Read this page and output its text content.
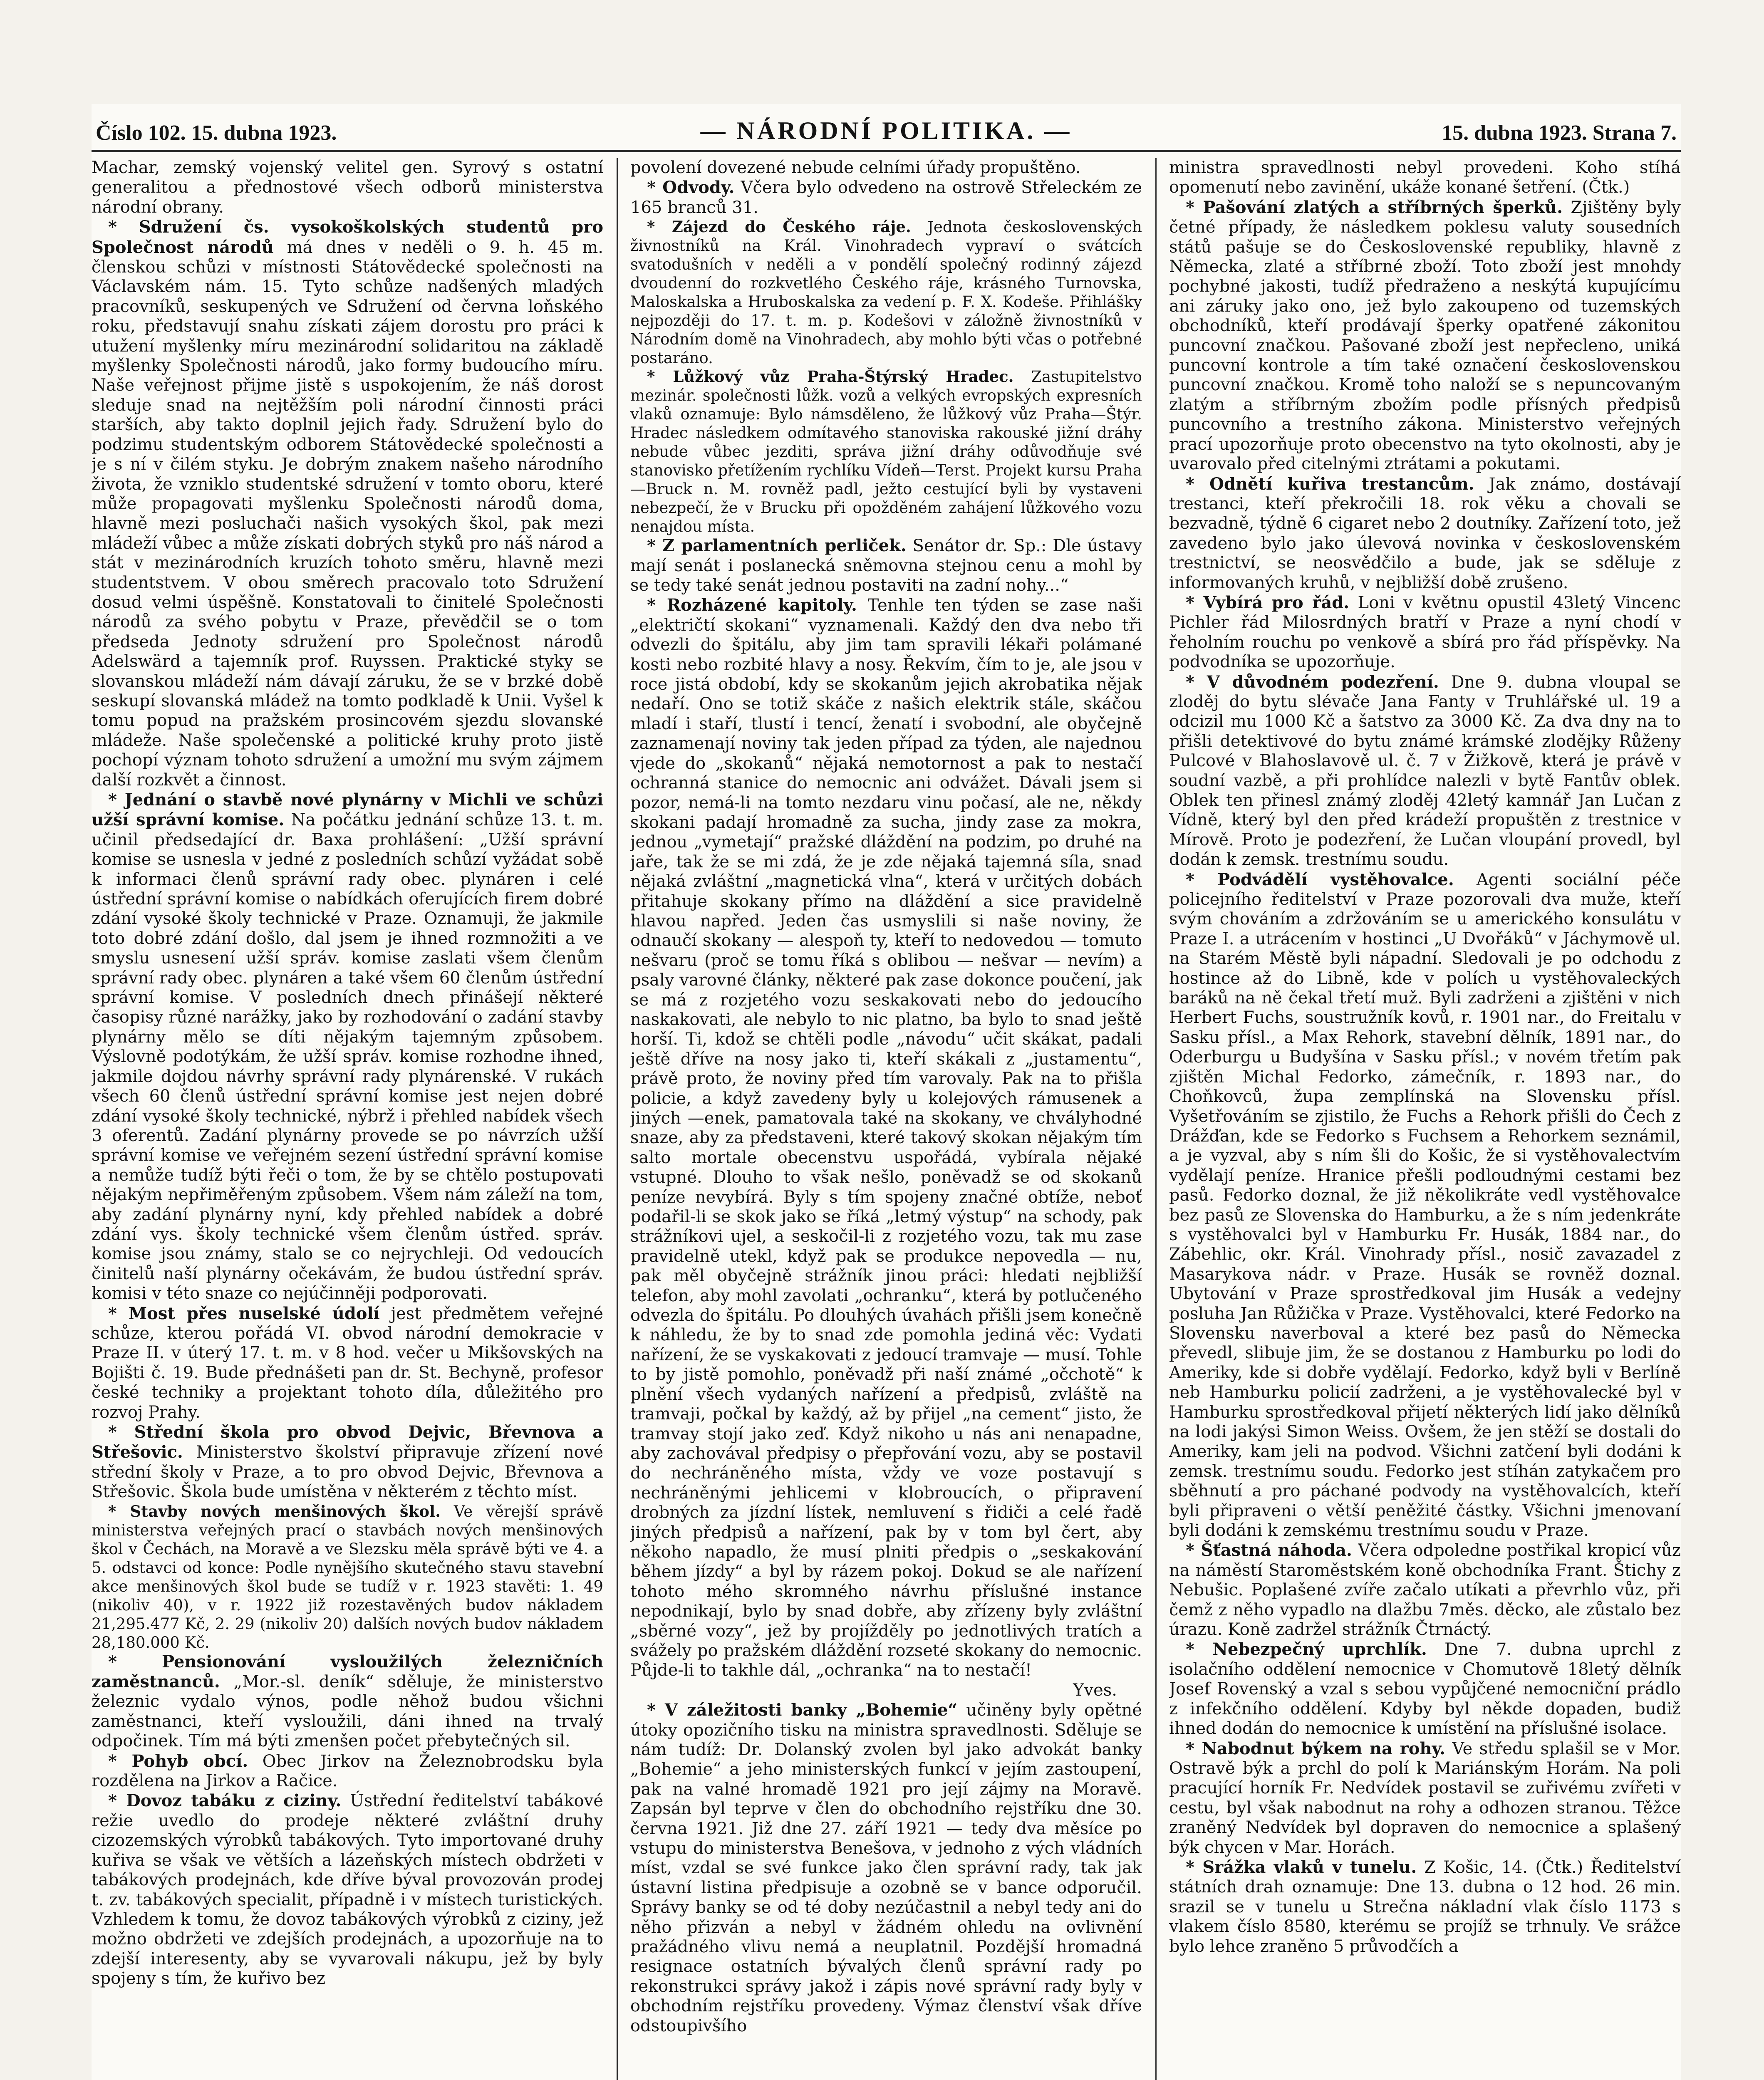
Číslo 102. 15. dubna 1923.	— NÁRODNÍ POLITIKA. —	15. dubna 1923. Strana 7.

Machar, zemský vojenský velitel gen. Syrový s ostatní generalitou a přednostové všech odborů ministerstva národní obrany.

* Sdružení čs. vysokoškolských studentů pro Společnost národů má dnes v neděli o 9. h. 45 m. členskou schůzi v místnosti Státovědecké společnosti na Václavském nám. 15. Tyto schůze nadšených mladých pracovníků, seskupených ve Sdružení od června loňského roku, představují snahu získati zájem dorostu pro práci k utužení myšlenky míru mezinárodní solidaritou na základě myšlenky Společnosti národů, jako formy budoucího míru. Naše veřejnost přijme jistě s uspokojením, že náš dorost sleduje snad na nejtěžším poli národní činnosti práci starších, aby takto doplnil jejich řady. Sdružení bylo do podzimu studentským odborem Státovědecké společnosti a je s ní v čilém styku. Je dobrým znakem našeho národního života, že vzniklo studentské sdružení v tomto oboru, které může propagovati myšlenku Společnosti národů doma, hlavně mezi posluchači našich vysokých škol, pak mezi mládeží vůbec a může získati dobrých styků pro náš národ a stát v mezinárodních kruzích tohoto směru, hlavně mezi studentstvem. V obou směrech pracovalo toto Sdružení dosud velmi úspěšně. Konstatovali to činitelé Společnosti národů za svého pobytu v Praze, převědčil se o tom předseda Jednoty sdružení pro Společnost národů Adelswärd a tajemník prof. Ruyssen. Praktické styky se slovanskou mládeží nám dávají záruku, že se v brzké době seskupí slovanská mládež na tomto podkladě k Unii. Vyšel k tomu popud na pražském prosincovém sjezdu slovanské mládeže. Naše společenské a politické kruhy proto jistě pochopí význam tohoto sdružení a umožní mu svým zájmem další rozkvět a činnost.

* Jednání o stavbě nové plynárny v Michli ve schůzi užší správní komise. Na počátku jednání schůze 13. t. m. učinil předsedající dr. Baxa prohlášení: „Užší správní komise se usnesla v jedné z posledních schůzí vyžádat sobě k informaci členů správní rady obec. plynáren i celé ústřední správní komise o nabídkách oferujících firem dobré zdání vysoké školy technické v Praze. Oznamuji, že jakmile toto dobré zdání došlo, dal jsem je ihned rozmnožiti a ve smyslu usnesení užší správ. komise zaslati všem členům správní rady obec. plynáren a také všem 60 členům ústřední správní komise. V posledních dnech přinášejí některé časopisy různé narážky, jako by rozhodování o zadání stavby plynárny mělo se díti nějakým tajemným způsobem. Výslovně podotýkám, že užší správ. komise rozhodne ihned, jakmile dojdou návrhy správní rady plynárenské. V rukách všech 60 členů ústřední správní komise jest nejen dobré zdání vysoké školy technické, nýbrž i přehled nabídek všech 3 oferentů. Zadání plynárny provede se po návrzích užší správní komise ve veřejném sezení ústřední správní komise a nemůže tudíž býti řeči o tom, že by se chtělo postupovati nějakým nepřiměřeným způsobem. Všem nám záleží na tom, aby zadání plynárny nyní, kdy přehled nabídek a dobré zdání vys. školy technické všem členům ústřed. správ. komise jsou známy, stalo se co nejrychleji. Od vedoucích činitelů naší plynárny očekávám, že budou ústřední správ. komisi v této snaze co nejúčinněji podporovati.

* Most přes nuselské údolí jest předmětem veřejné schůze, kterou pořádá VI. obvod národní demokracie v Praze II. v úterý 17. t. m. v 8 hod. večer u Mikšovských na Bojišti č. 19. Bude přednášeti pan dr. St. Bechyně, profesor české techniky a projektant tohoto díla, důležitého pro rozvoj Prahy.

* Střední škola pro obvod Dejvic, Břevnova a Střešovic. Ministerstvo školství připravuje zřízení nové střední školy v Praze, a to pro obvod Dejvic, Břevnova a Střešovic. Škola bude umístěna v některém z těchto míst.

* Stavby nových menšinových škol. Ve věrejší správě ministerstva veřejných prací o stavbách nových menšinových škol v Čechách, na Moravě a ve Slezsku měla správě býti ve 4. a 5. odstavci od konce: Podle nynějšího skutečného stavu stavební akce menšinových škol bude se tudíž v r. 1923 stavěti: 1. 49 (nikoliv 40), v r. 1922 již rozestavěných budov nákladem 21,295.477 Kč, 2. 29 (nikoliv 20) dalších nových budov nákladem 28,180.000 Kč.

* Pensionování vysloužilých železničních zaměstnanců. „Mor.-sl. deník“ sděluje, že ministerstvo železnic vydalo výnos, podle něhož budou všichni zaměstnanci, kteří vysloužili, dáni ihned na trvalý odpočinek. Tím má býti zmenšen počet přebytečných sil.

* Pohyb obcí. Obec Jirkov na Železnobrodsku byla rozdělena na Jirkov a Račice.

* Dovoz tabáku z ciziny. Ústřední ředitelství tabákové režie uvedlo do prodeje některé zvláštní druhy cizozemských výrobků tabákových. Tyto importované druhy kuřiva se však ve větších a lázeňských místech obdržeti v tabákových prodejnách, kde dříve býval provozován prodej t. zv. tabákových specialit, případně i v místech turistických. Vzhledem k tomu, že dovoz tabákových výrobků z ciziny, jež možno obdržeti ve zdejších prodejnách, a upozorňuje na to zdejší interesenty, aby se vyvarovali nákupu, jež by byly spojeny s tím, že kuřivo bez

povolení dovezené nebude celními úřady propuštěno.

* Odvody. Včera bylo odvedeno na ostrově Střeleckém ze 165 branců 31.

* Zájezd do Českého ráje. Jednota československých živnostníků na Král. Vinohradech vypraví o svátcích svatodušních v neděli a v pondělí společný rodinný zájezd dvoudenní do rozkvetlého Českého ráje, krásného Turnovska, Maloskalska a Hruboskalska za vedení p. F. X. Kodeše. Přihlášky nejpozději do 17. t. m. p. Kodešovi v záložně živnostníků v Národním domě na Vinohradech, aby mohlo býti včas o potřebné postaráno.

* Lůžkový vůz Praha-Štýrský Hradec. Zastupitelstvo mezinár. společnosti lůžk. vozů a velkých evropských expresních vlaků oznamuje: Bylo námsděleno, že lůžkový vůz Praha—Štýr. Hradec následkem odmítavého stanoviska rakouské jižní dráhy nebude vůbec jezditi, správa jižní dráhy odůvodňuje své stanovisko přetížením rychlíku Vídeň—Terst. Projekt kursu Praha—Bruck n. M. rovněž padl, ježto cestující byli by vystaveni nebezpečí, že v Brucku při opožděném zahájení lůžkového vozu nenajdou místa.

* Z parlamentních perliček. Senátor dr. Sp.: Dle ústavy mají senát i poslanecká sněmovna stejnou cenu a mohl by se tedy také senát jednou postaviti na zadní nohy...“

* Rozházené kapitoly. Tenhle ten týden se zase naši „električtí skokani“ vyznamenali. Každý den dva nebo tři odvezli do špitálu, aby jim tam spravili lékaři polámané kosti nebo rozbité hlavy a nosy. Řekvím, čím to je, ale jsou v roce jistá období, kdy se skokanům jejich akrobatika nějak nedaří. Ono se totiž skáče z našich elektrik stále, skáčou mladí i staří, tlustí i tencí, ženatí i svobodní, ale obyčejně zaznamenají noviny tak jeden případ za týden, ale najednou vjede do „skokanů“ nějaká nemotornost a pak to nestačí ochranná stanice do nemocnic ani odvážet. Dávali jsem si pozor, nemá-li na tomto nezdaru vinu počasí, ale ne, někdy skokani padají hromadně za sucha, jindy zase za mokra, jednou „vymetají“ pražské dláždění na podzim, po druhé na jaře, tak že se mi zdá, že je zde nějaká tajemná síla, snad nějaká zvláštní „magnetická vlna“, která v určitých dobách přitahuje skokany přímo na dláždění a sice pravidelně hlavou napřed. Jeden čas usmyslili si naše noviny, že odnaučí skokany — alespoň ty, kteří to nedovedou — tomuto nešvaru (proč se tomu říká s oblibou — nešvar — nevím) a psaly varovné články, některé pak zase dokonce poučení, jak se má z rozjetého vozu seskakovati nebo do jedoucího naskakovati, ale nebylo to nic platno, ba bylo to snad ještě horší. Ti, kdož se chtěli podle „návodu“ učit skákat, padali ještě dříve na nosy jako ti, kteří skákali z „justamentu“, právě proto, že noviny před tím varovaly. Pak na to přišla policie, a když zavedeny byly u kolejových rámusenek a jiných —enek, pamatovala také na skokany, ve chvályhodné snaze, aby za představeni, které takový skokan nějakým tím salto mortale obecenstvu uspořádá, vybírala nějaké vstupné. Dlouho to však nešlo, poněvadž se od skokanů peníze nevybírá. Byly s tím spojeny značné obtíže, neboť podařil-li se skok jako se říká „letmý výstup“ na schody, pak strážníkovi ujel, a seskočil-li z rozjetého vozu, tak mu zase pravidelně utekl, když pak se produkce nepovedla — nu, pak měl obyčejně strážník jinou práci: hledati nejbližší telefon, aby mohl zavolati „ochranku“, která by potlučeného odvezla do špitálu. Po dlouhých úvahách přišli jsem konečně k náhledu, že by to snad zde pomohla jediná věc: Vydati nařízení, že se vyskakovati z jedoucí tramvaje — musí. Tohle to by jistě pomohlo, poněvadž při naší známé „očchotě“ k plnění všech vydaných nařízení a předpisů, zvláště na tramvaji, počkal by každý, až by přijel „na cement“ jisto, že tramvay stojí jako zeď. Když nikoho u nás ani nenapadne, aby zachovával předpisy o přepřování vozu, aby se postavil do nechráněného místa, vždy ve voze postavují s nechráněnými jehlicemi v klobroucích, o připravení drobných za jízdní lístek, nemluvení s řidiči a celé řadě jiných předpisů a nařízení, pak by v tom byl čert, aby někoho napadlo, že musí plniti předpis o „seskakování během jízdy“ a byl by rázem pokoj. Dokud se ale nařízení tohoto mého skromného návrhu příslušné instance nepodnikají, bylo by snad dobře, aby zřízeny byly zvláštní „sběrné vozy“, jež by projížděly po jednotlivých tratích a svážely po pražském dláždění rozseté skokany do nemocnic. Půjde-li to takhle dál, „ochranka“ na to nestačí!

Yves.

* V záležitosti banky „Bohemie“ učiněny byly opětné útoky opozičního tisku na ministra spravedlnosti. Sděluje se nám tudíž: Dr. Dolanský zvolen byl jako advokát banky „Bohemie“ a jeho ministerských funkcí v jejím zastoupení, pak na valné hromadě 1921 pro její zájmy na Moravě. Zapsán byl teprve v člen do obchodního rejstříku dne 30. června 1921. Již dne 27. září 1921 — tedy dva měsíce po vstupu do ministerstva Benešova, v jednoho z vých vládních míst, vzdal se své funkce jako člen správní rady, tak jak ústavní listina předpisuje a ozobně se v bance odporučil. Správy banky se od té doby nezúčastnil a nebyl tedy ani do něho přizván a nebyl v žádném ohledu na ovlivnění pražádného vlivu nemá a neuplatnil. Pozdější hromadná resignace ostatních bývalých členů správní rady po rekonstrukci správy jakož i zápis nové správní rady byly v obchodním rejstříku provedeny. Výmaz členství však dříve odstoupivšího

ministra spravedlnosti nebyl provedeni. Koho stíhá opomenutí nebo zavinění, ukáže konané šetření. (Čtk.)

* Pašování zlatých a stříbrných šperků. Zjištěny byly četné případy, že následkem poklesu valuty sousedních států pašuje se do Československé republiky, hlavně z Německa, zlaté a stříbrné zboží. Toto zboží jest mnohdy pochybné jakosti, tudíž předraženo a neskýtá kupujícímu ani záruky jako ono, jež bylo zakoupeno od tuzemských obchodníků, kteří prodávají šperky opatřené zákonitou puncovní značkou. Pašované zboží jest nepřecleno, uniká puncovní kontrole a tím také označení československou puncovní značkou. Kromě toho naloží se s nepuncovaným zlatým a stříbrným zbožím podle přísných předpisů puncovního a trestního zákona. Ministerstvo veřejných prací upozorňuje proto obecenstvo na tyto okolnosti, aby je uvarovalo před citelnými ztrátami a pokutami.

* Odnětí kuřiva trestancům. Jak známo, dostávají trestanci, kteří překročili 18. rok věku a chovali se bezvadně, týdně 6 cigaret nebo 2 doutníky. Zařízení toto, jež zavedeno bylo jako úlevová novinka v československém trestnictví, se neosvědčilo a bude, jak se sděluje z informovaných kruhů, v nejbližší době zrušeno.

* Vybírá pro řád. Loni v květnu opustil 43letý Vincenc Pichler řád Milosrdných bratří v Praze a nyní chodí v řeholním rouchu po venkově a sbírá pro řád příspěvky. Na podvodníka se upozorňuje.

* V důvodném podezření. Dne 9. dubna vloupal se zloděj do bytu slévače Jana Fanty v Truhlářské ul. 19 a odcizil mu 1000 Kč a šatstvo za 3000 Kč. Za dva dny na to přišli detektivové do bytu známé krámské zlodějky Růženy Pulcové v Blahoslavově ul. č. 7 v Žižkově, která je právě v soudní vazbě, a při prohlídce nalezli v bytě Fantův oblek. Oblek ten přinesl známý zloděj 42letý kamnář Jan Lučan z Vídně, který byl den před krádeží propuštěn z trestnice v Mírově. Proto je podezření, že Lučan vloupání provedl, byl dodán k zemsk. trestnímu soudu.

* Podvádělí vystěhovalce. Agenti sociální péče policejního ředitelství v Praze pozorovali dva muže, kteří svým chováním a zdržováním se u amerického konsulátu v Praze I. a utrácením v hostinci „U Dvořáků“ v Jáchymově ul. na Starém Městě byli nápadní. Sledovali je po odchodu z hostince až do Libně, kde v polích u vystěhovaleckých baráků na ně čekal třetí muž. Byli zadrženi a zjištěni v nich Herbert Fuchs, soustružník kovů, r. 1901 nar., do Freitalu v Sasku přísl., a Max Rehork, stavební dělník, 1891 nar., do Oderburgu u Budyšína v Sasku přísl.; v novém třetím pak zjištěn Michal Fedorko, zámečník, r. 1893 nar., do Choňkovců, župa zemplínská na Slovensku přísl. Vyšetřováním se zjistilo, že Fuchs a Rehork přišli do Čech z Drážďan, kde se Fedorko s Fuchsem a Rehorkem seznámil, a je vyzval, aby s ním šli do Košic, že si vystěhovalectvím vydělají peníze. Hranice přešli podloudnými cestami bez pasů. Fedorko doznal, že již několikráte vedl vystěhovalce bez pasů ze Slovenska do Hamburku, a že s ním jedenkráte s vystěhovalci byl v Hamburku Fr. Husák, 1884 nar., do Zábehlic, okr. Král. Vinohrady přísl., nosič zavazadel z Masarykova nádr. v Praze. Husák se rovněž doznal. Ubytování v Praze sprostředkoval jim Husák a vedejny posluha Jan Růžička v Praze. Vystěhovalci, které Fedorko na Slovensku naverboval a které bez pasů do Německa převedl, slibuje jim, že se dostanou z Hamburku po lodi do Ameriky, kde si dobře vydělají. Fedorko, když byli v Berlíně neb Hamburku policií zadrženi, a je vystěhovalecké byl v Hamburku sprostředkoval přijetí některých lidí jako dělníků na lodi jakýsi Simon Weiss. Ovšem, že jen stěží se dostali do Ameriky, kam jeli na podvod. Všichni zatčení byli dodáni k zemsk. trestnímu soudu. Fedorko jest stíhán zatykačem pro sběhnutí a pro páchané podvody na vystěhovalcích, kteří byli připraveni o větší peněžité částky. Všichni jmenovaní byli dodáni k zemskému trestnímu soudu v Praze.

* Šťastná náhoda. Včera odpoledne postřikal kropicí vůz na náměstí Staroměstském koně obchodníka Frant. Štichy z Nebušic. Poplašené zvíře začalo utíkati a převrhlo vůz, při čemž z něho vypadlo na dlažbu 7měs. děcko, ale zůstalo bez úrazu. Koně zadržel strážník Čtrnáctý.

* Nebezpečný uprchlík. Dne 7. dubna uprchl z isolačního oddělení nemocnice v Chomutově 18letý dělník Josef Rovenský a vzal s sebou vypůjčené nemocniční prádlo z infekčního oddělení. Kdyby byl někde dopaden, budiž ihned dodán do nemocnice k umístění na příslušné isolace.

* Nabodnut býkem na rohy. Ve středu splašil se v Mor. Ostravě býk a prchl do polí k Mariánským Horám. Na poli pracující horník Fr. Nedvídek postavil se zuřivému zvířeti v cestu, byl však nabodnut na rohy a odhozen stranou. Těžce zraněný Nedvídek byl dopraven do nemocnice a splašený býk chycen v Mar. Horách.

* Srážka vlaků v tunelu. Z Košic, 14. (Čtk.) Ředitelství státních drah oznamuje: Dne 13. dubna o 12 hod. 26 min. srazil se v tunelu u Strečna nákladní vlak číslo 1173 s vlakem číslo 8580, kterému se projíž se trhnuly. Ve srážce bylo lehce zraněno 5 průvodčích a
